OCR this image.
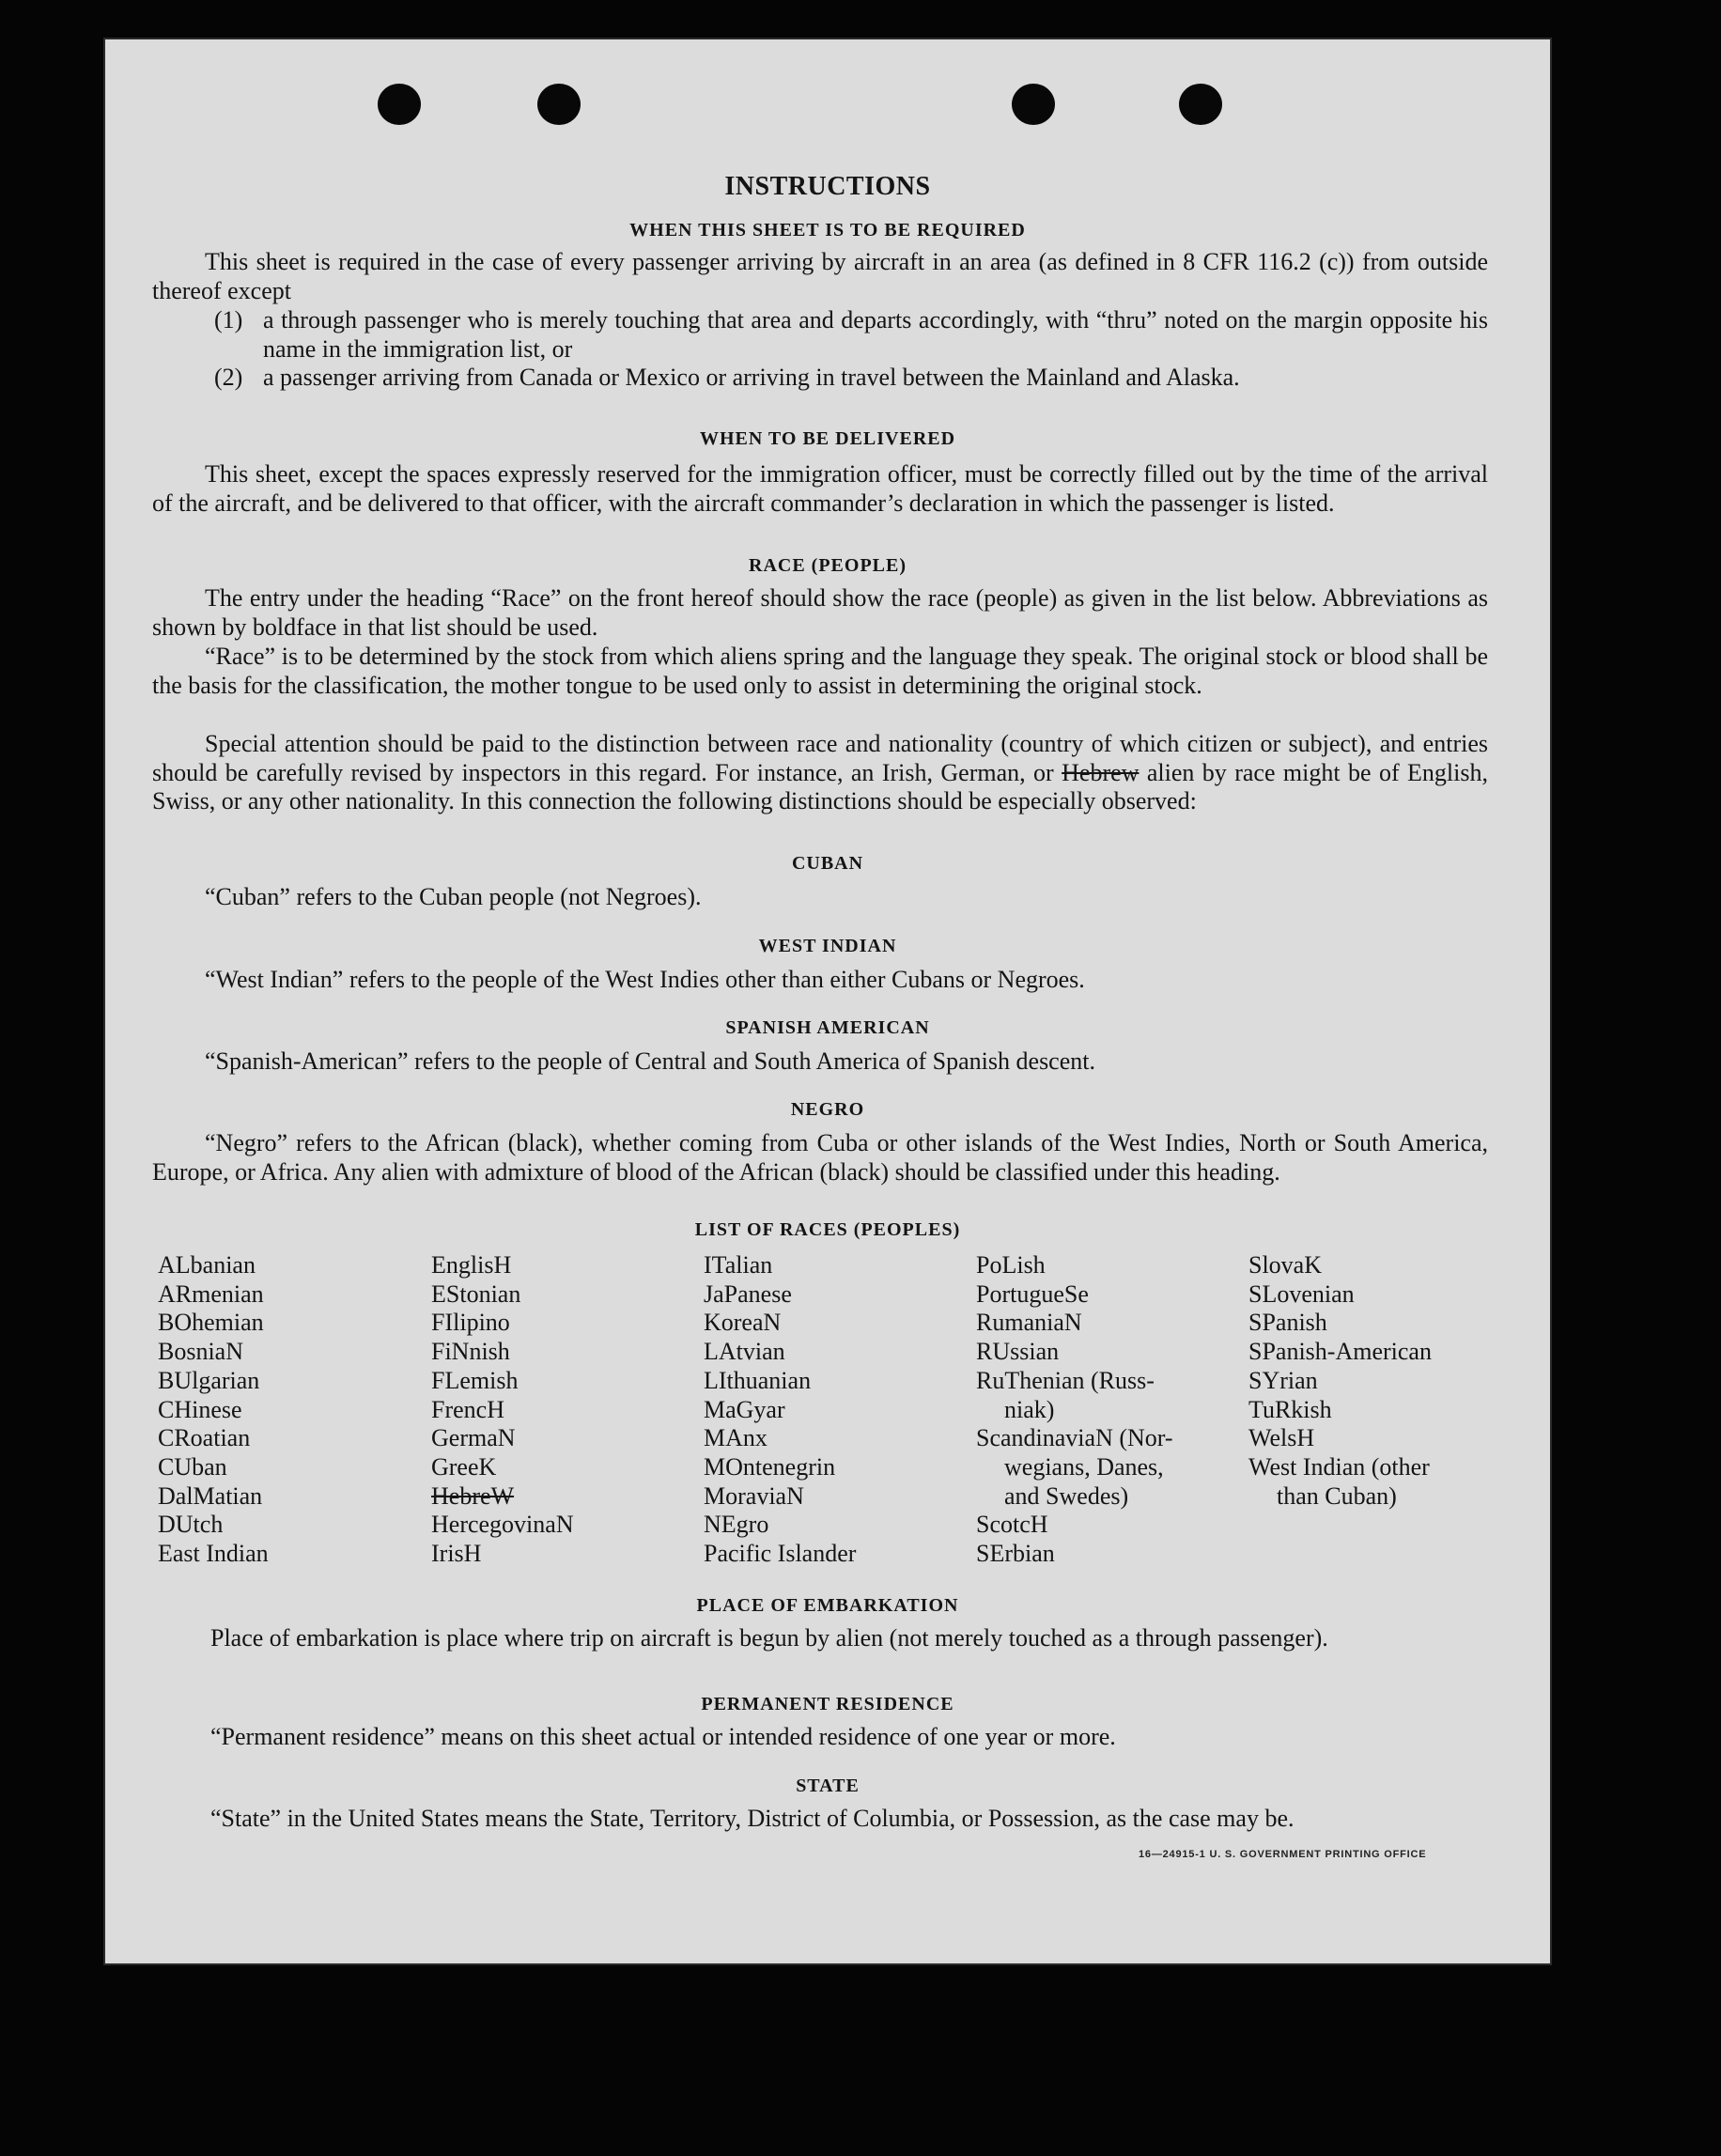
INSTRUCTIONS
WHEN THIS SHEET IS TO BE REQUIRED
This sheet is required in the case of every passenger arriving by aircraft in an area (as defined in 8 CFR 116.2 (c)) from outside thereof except
(1) a through passenger who is merely touching that area and departs accordingly, with “thru” noted on the margin opposite his name in the immigration list, or
(2) a passenger arriving from Canada or Mexico or arriving in travel between the Mainland and Alaska.
WHEN TO BE DELIVERED
This sheet, except the spaces expressly reserved for the immigration officer, must be correctly filled out by the time of the arrival of the aircraft, and be delivered to that officer, with the aircraft commander’s declaration in which the passenger is listed.
RACE (PEOPLE)
The entry under the heading “Race” on the front hereof should show the race (people) as given in the list below. Abbreviations as shown by boldface in that list should be used.
“Race” is to be determined by the stock from which aliens spring and the language they speak. The original stock or blood shall be the basis for the classification, the mother tongue to be used only to assist in determining the original stock.
Special attention should be paid to the distinction between race and nationality (country of which citizen or subject), and entries should be carefully revised by inspectors in this regard. For instance, an Irish, German, or Hebrew alien by race might be of English, Swiss, or any other nationality. In this connection the following distinctions should be especially observed:
CUBAN
“Cuban” refers to the Cuban people (not Negroes).
WEST INDIAN
“West Indian” refers to the people of the West Indies other than either Cubans or Negroes.
SPANISH AMERICAN
“Spanish-American” refers to the people of Central and South America of Spanish descent.
NEGRO
“Negro” refers to the African (black), whether coming from Cuba or other islands of the West Indies, North or South America, Europe, or Africa. Any alien with admixture of blood of the African (black) should be classified under this heading.
LIST OF RACES (PEOPLES)
ALbanian
ARmenian
BOhemian
BosniaN
BUlgarian
CHinese
CRoatian
CUban
DalMatian
DUtch
East Indian
EnglisH
EStonian
FIlipino
FiNnish
FLemish
FrencH
GermaN
GreeK
HebreW
HercegovinaN
IrisH
ITalian
JaPanese
KoreaN
LAtvian
LIthuanian
MaGyar
MAnx
MOntenegrin
MoraviaN
NEgro
Pacific Islander
PoLish
PortugueSe
RumaniaN
RUssian
RuThenian (Russ-
niak)
ScandinaviaN (Nor-
wegians, Danes,
and Swedes)
ScotcH
SErbian
SlovaK
SLovenian
SPanish
SPanish-American
SYrian
TuRkish
WelsH
West Indian (other
than Cuban)
PLACE OF EMBARKATION
Place of embarkation is place where trip on aircraft is begun by alien (not merely touched as a through passenger).
PERMANENT RESIDENCE
“Permanent residence” means on this sheet actual or intended residence of one year or more.
STATE
“State” in the United States means the State, Territory, District of Columbia, or Possession, as the case may be.
16—24915-1 U. S. GOVERNMENT PRINTING OFFICE
